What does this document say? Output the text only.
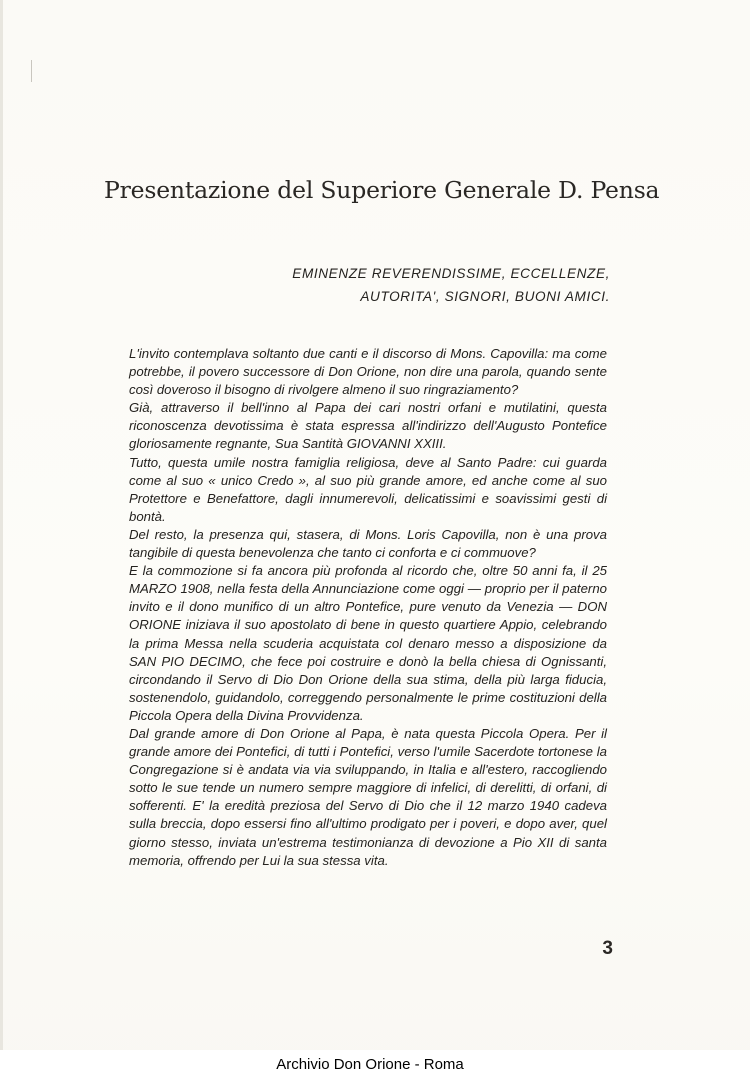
Presentazione del Superiore Generale D. Pensa
EMINENZE REVERENDISSIME, ECCELLENZE,
AUTORITA', SIGNORI, BUONI AMICI.

L'invito contemplava soltanto due canti e il discorso di Mons. Capovilla: ma come potrebbe, il povero successore di Don Orione, non dire una parola, quando sente così doveroso il bisogno di rivolgere almeno il suo ringraziamento?

Già, attraverso il bell'inno al Papa dei cari nostri orfani e mutilatini, questa riconoscenza devotissima è stata espressa all'indirizzo dell'Augusto Pontefice gloriosamente regnante, Sua Santità GIOVANNI XXIII.

Tutto, questa umile nostra famiglia religiosa, deve al Santo Padre: cui guarda come al suo « unico Credo », al suo più grande amore, ed anche come al suo Protettore e Benefattore, dagli innumerevoli, delicatissimi e soavissimi gesti di bontà.

Del resto, la presenza qui, stasera, di Mons. Loris Capovilla, non è una prova tangibile di questa benevolenza che tanto ci conforta e ci commuove?

E la commozione si fa ancora più profonda al ricordo che, oltre 50 anni fa, il 25 MARZO 1908, nella festa della Annunciazione come oggi — proprio per il paterno invito e il dono munifico di un altro Pontefice, pure venuto da Venezia — DON ORIONE iniziava il suo apostolato di bene in questo quartiere Appio, celebrando la prima Messa nella scuderia acquistata col denaro messo a disposizione da SAN PIO DECIMO, che fece poi costruire e donò la bella chiesa di Ognissanti, circondando il Servo di Dio Don Orione della sua stima, della più larga fiducia, sostenendolo, guidandolo, correggendo personalmente le prime costituzioni della Piccola Opera della Divina Provvidenza.

Dal grande amore di Don Orione al Papa, è nata questa Piccola Opera. Per il grande amore dei Pontefici, di tutti i Pontefici, verso l'umile Sacerdote tortonese la Congregazione si è andata via via sviluppando, in Italia e all'estero, raccogliendo sotto le sue tende un numero sempre maggiore di infelici, di derelitti, di orfani, di sofferenti. E' la eredità preziosa del Servo di Dio che il 12 marzo 1940 cadeva sulla breccia, dopo essersi fino all'ultimo prodigato per i poveri, e dopo aver, quel giorno stesso, inviata un'estrema testimonianza di devozione a Pio XII di santa memoria, offrendo per Lui la sua stessa vita.

3
Archivio Don Orione - Roma
